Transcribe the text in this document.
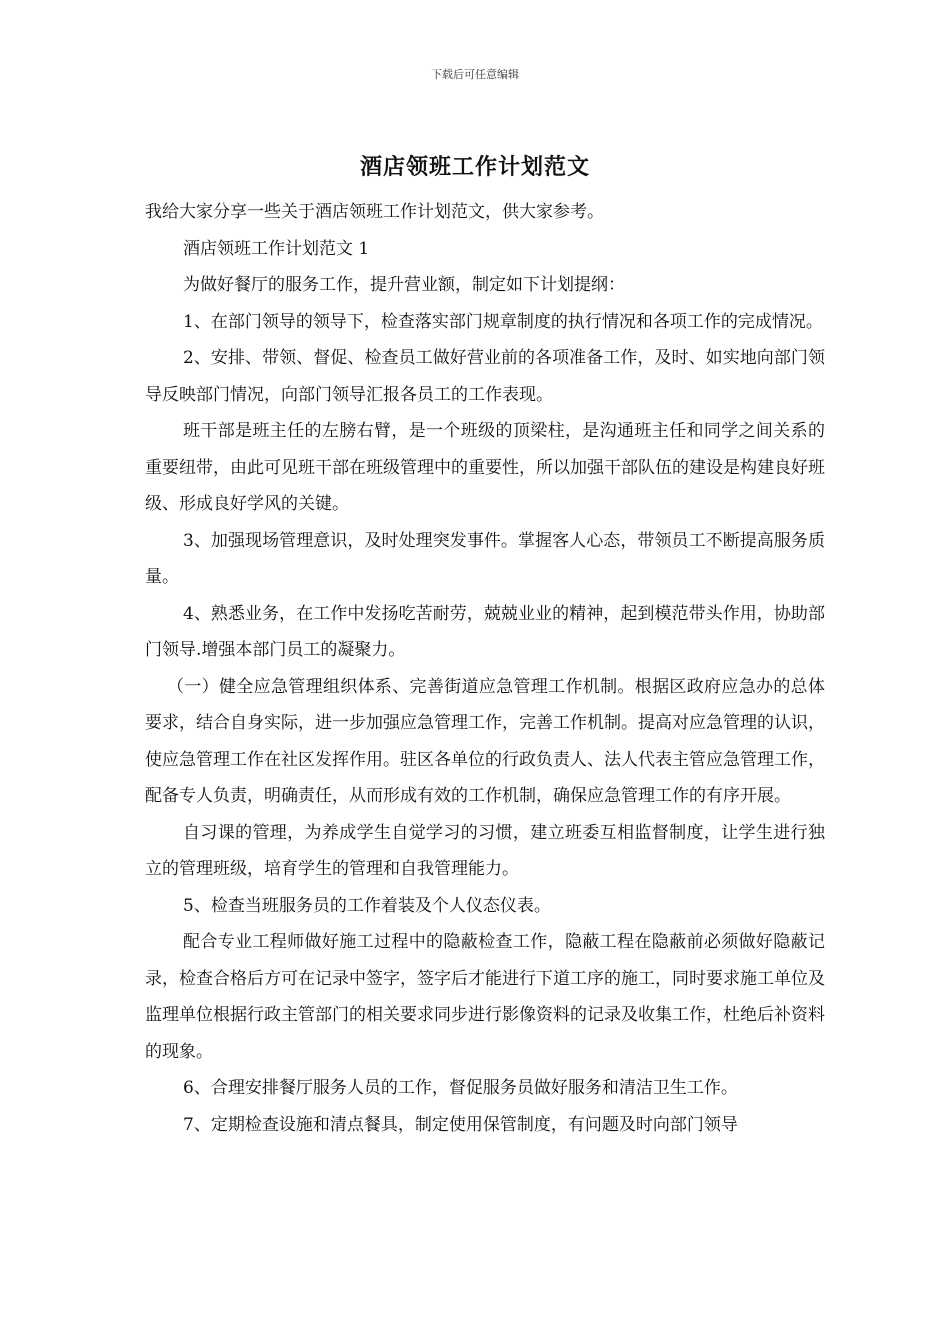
下载后可任意编辑
酒店领班工作计划范文

我给大家分享一些关于酒店领班工作计划范文，供大家参考。

酒店领班工作计划范文 1

为做好餐厅的服务工作，提升营业额，制定如下计划提纲：

1、在部门领导的领导下，检查落实部门规章制度的执行情况和各项工作的完成情况。

2、安排、带领、督促、检查员工做好营业前的各项准备工作，及时、如实地向部门领导反映部门情况，向部门领导汇报各员工的工作表现。

班干部是班主任的左膀右臂，是一个班级的顶梁柱，是沟通班主任和同学之间关系的重要纽带，由此可见班干部在班级管理中的重要性，所以加强干部队伍的建设是构建良好班级、形成良好学风的关键。

3、加强现场管理意识，及时处理突发事件。掌握客人心态，带领员工不断提高服务质量。

4、熟悉业务，在工作中发扬吃苦耐劳，兢兢业业的精神，起到模范带头作用，协助部门领导.增强本部门员工的凝聚力。

（一）健全应急管理组织体系、完善街道应急管理工作机制。根据区政府应急办的总体要求，结合自身实际，进一步加强应急管理工作，完善工作机制。提高对应急管理的认识，使应急管理工作在社区发挥作用。驻区各单位的行政负责人、法人代表主管应急管理工作，配备专人负责，明确责任，从而形成有效的工作机制，确保应急管理工作的有序开展。

自习课的管理，为养成学生自觉学习的习惯，建立班委互相监督制度，让学生进行独立的管理班级，培育学生的管理和自我管理能力。

5、检查当班服务员的工作着装及个人仪态仪表。

配合专业工程师做好施工过程中的隐蔽检查工作，隐蔽工程在隐蔽前必须做好隐蔽记录，检查合格后方可在记录中签字，签字后才能进行下道工序的施工，同时要求施工单位及监理单位根据行政主管部门的相关要求同步进行影像资料的记录及收集工作，杜绝后补资料的现象。

6、合理安排餐厅服务人员的工作，督促服务员做好服务和清洁卫生工作。

7、定期检查设施和清点餐具，制定使用保管制度，有问题及时向部门领导
